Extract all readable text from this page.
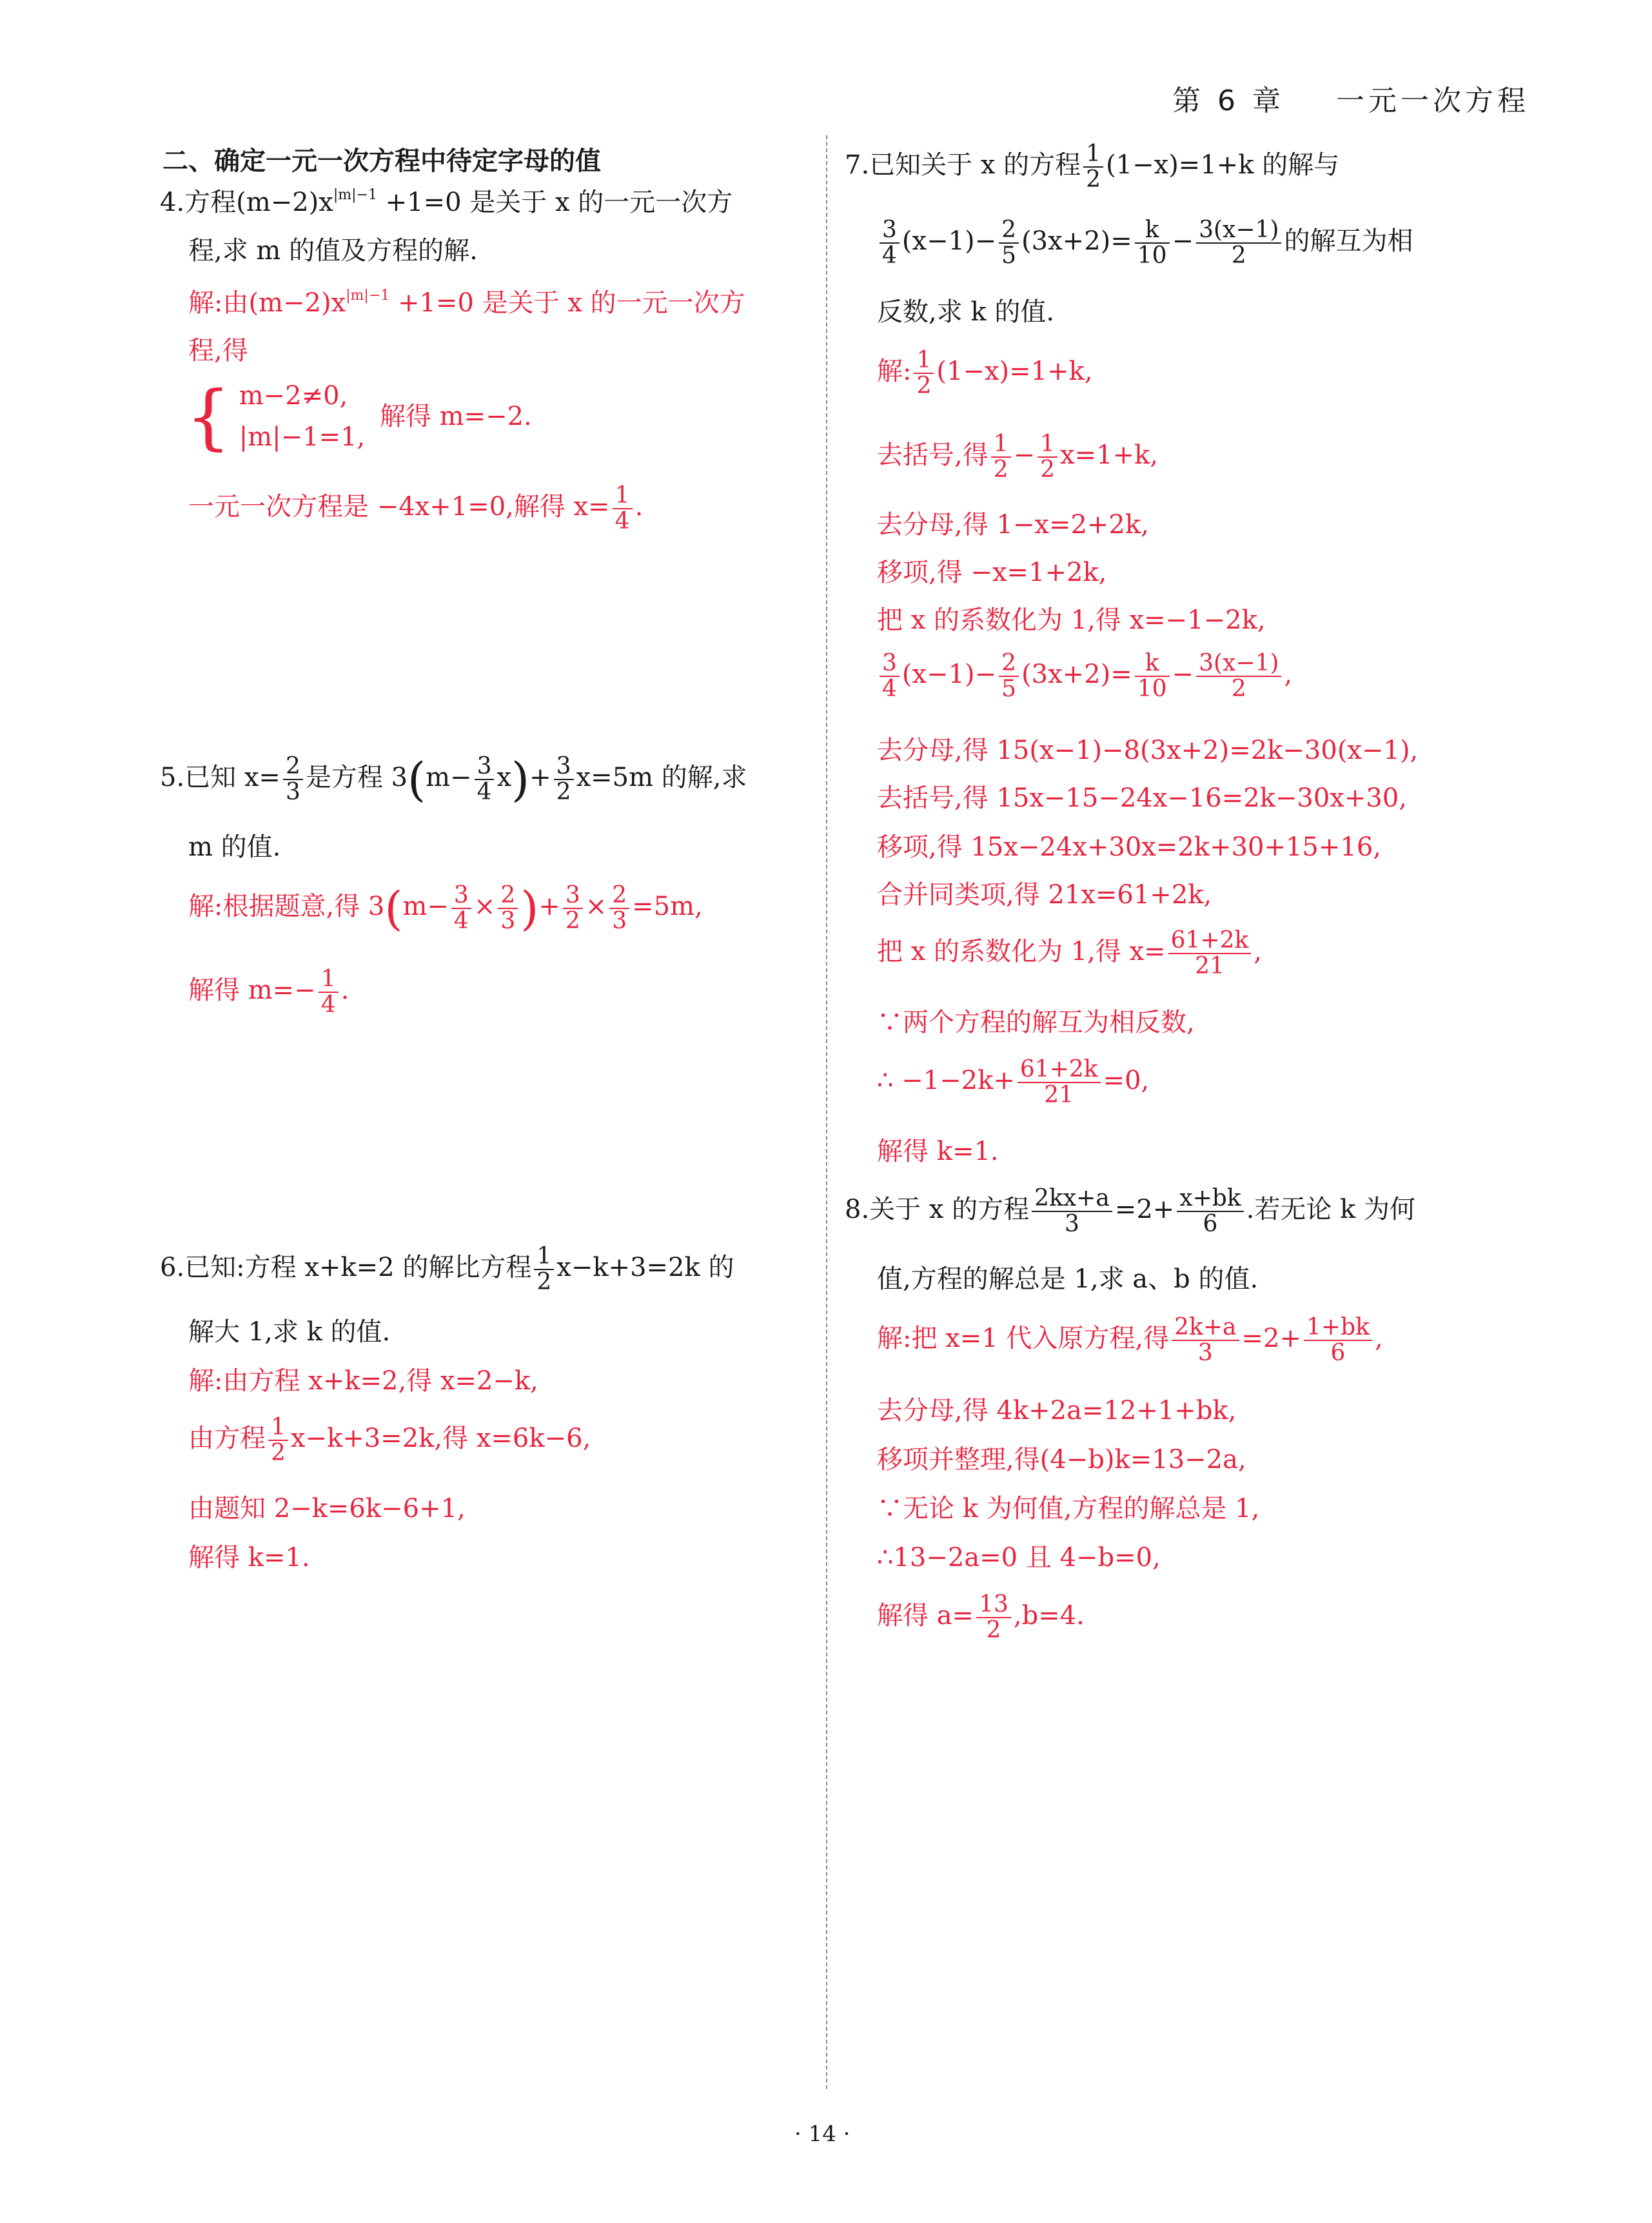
第 6 章 一元一次方程
二、确定一元一次方程中待定字母的值
4.方程$(m-2)x^{|m|-1} +1=0$ 是关于 x 的一元一次方
程,求 m 的值及方程的解.
解:由$(m-2)x^{|m|-1} +1=0$ 是关于 x 的一元一次方
程,得
{ m−2≠0,
|m|−1=1,
解得 m=−2.
一元一次方程是 −4x+1=0,解得 $x= \frac{1}{4}$ .
5.已知 $x= \frac{2}{3}$ 是方程 $3(m- \frac{3}{4} x)+ \frac{3}{2} x=5m$ 的解,求
m 的值.
解:根据题意,得 $3(m- \frac{3}{4} \times \frac{2}{3}$ )+ $\frac{3}{2} \times \frac{2}{3} =5m$,
解得 $m=- \frac{1}{4}$ .
6.已知:方程 x+k=2 的解比方程 $\frac{1}{2} x-k+3=2k$ 的
解大 1,求 k 的值.
解:由方程 x+k=2,得 x=2−k,
由方程 $\frac{1}{2} x-k+3=2k$,得 x=6k−6,
由题知 2−k=6k−6+1,
解得 k=1.
7.已知关于 x 的方程 $\frac{1}{2} (1-x)=1+k$ 的解与
$\frac{3}{4} (x-1)- \frac{2}{5} (3x+2)= \frac{k}{10} - \frac{3(x-1)}{2}$ 的解互为相
反数,求 k 的值.
解: $\frac{1}{2} (1-x)=1+k$,
去括号,得 $\frac{1}{2} - \frac{1}{2} x=1+k$,
去分母,得 1−x=2+2k,
移项,得 −x=1+2k,
把 x 的系数化为 1,得 x=−1−2k,
$\frac{3}{4} (x-1)- \frac{2}{5} (3x+2)= \frac{k}{10} - \frac{3(x-1)}{2}$ ,
去分母,得 15(x−1)−8(3x+2)=2k−30(x−1),
去括号,得 15x−15−24x−16=2k−30x+30,
移项,得 15x−24x+30x=2k+30+15+16,
合并同类项,得 21x=61+2k,
把 x 的系数化为 1,得 $x= \frac{61+2k}{21}$ ,
∵两个方程的解互为相反数,
∴ $-1-2k+ \frac{61+2k}{21} =0$,
解得 k=1.
8.关于 x 的方程 $\frac{2kx+a}{3} =2+ \frac{x+bk}{6}$ .若无论 k 为何
值,方程的解总是 1,求 a、b 的值.
解:把 x=1 代入原方程,得 $\frac{2k+a}{3} =2+ \frac{1+bk}{6}$ ,
去分母,得 4k+2a=12+1+bk,
移项并整理,得(4−b)k=13−2a,
∵无论 k 为何值,方程的解总是 1,
∴13−2a=0 且 4−b=0,
解得 $a= \frac{13}{2} ,b=4$.
· 14 ·
